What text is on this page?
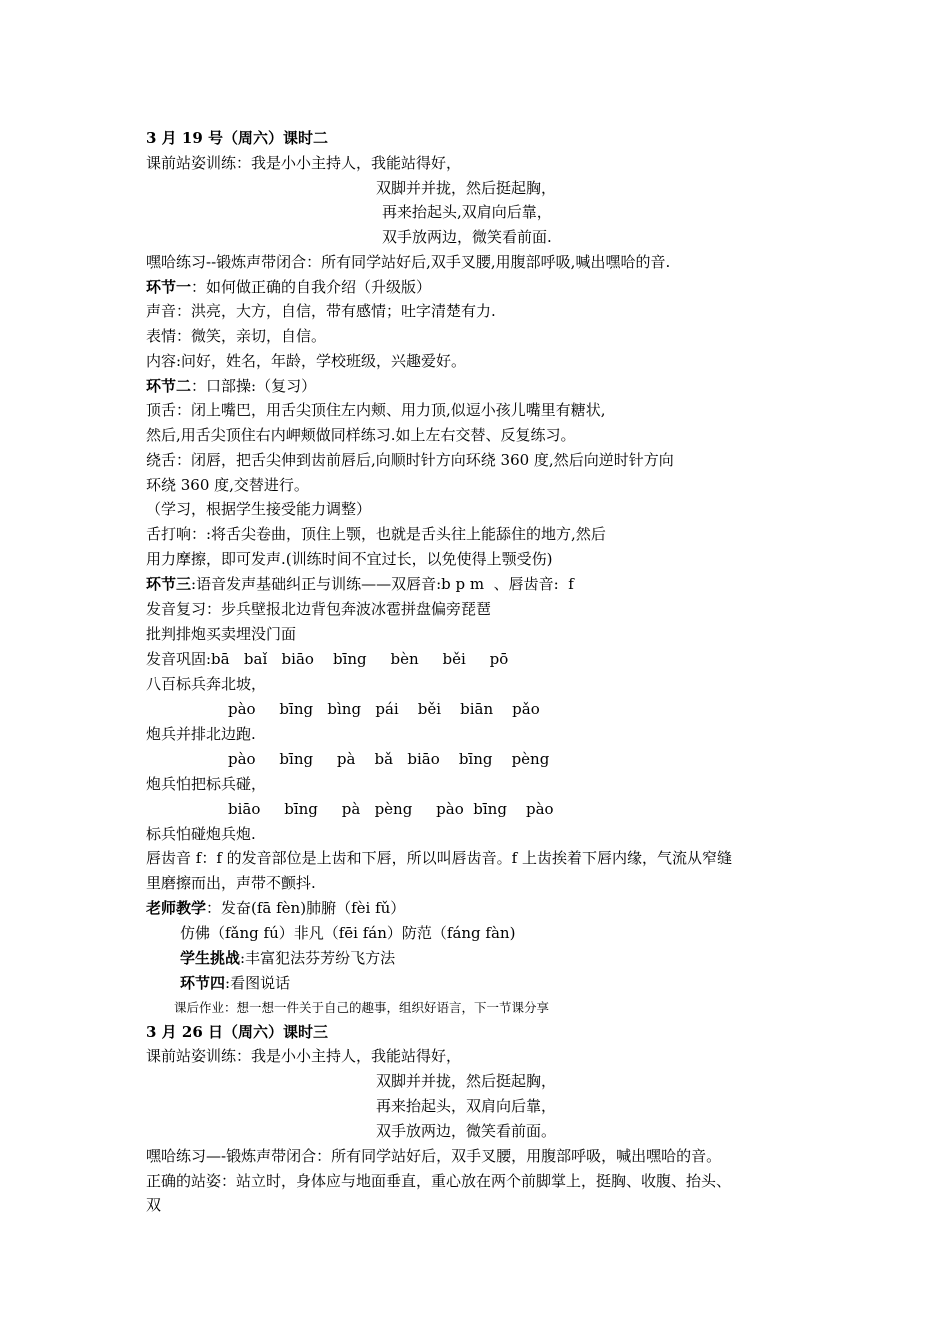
3 月 19 号（周六）课时二
课前站姿训练：我是小小主持人，我能站得好，
双脚并并拢，然后挺起胸，
再来抬起头,双肩向后靠，
双手放两边，微笑看前面.
嘿哈练习--锻炼声带闭合：所有同学站好后,双手叉腰,用腹部呼吸,喊出嘿哈的音.
环节一：如何做正确的自我介绍（升级版）
声音：洪亮，大方，自信，带有感情；吐字清楚有力.
表情：微笑，亲切，自信。
内容:问好，姓名，年龄，学校班级，兴趣爱好。
环节二：口部操:（复习）
顶舌：闭上嘴巴，用舌尖顶住左内颊、用力顶,似逗小孩儿嘴里有糖状,
然后,用舌尖顶住右内岬颊做同样练习.如上左右交替、反复练习。
绕舌：闭唇，把舌尖伸到齿前唇后,向顺时针方向环绕 360 度,然后向逆时针方向
环绕 360 度,交替进行。
（学习，根据学生接受能力调整）
舌打响：:将舌尖卷曲，顶住上颚，也就是舌头往上能舔住的地方,然后
用力摩擦，即可发声.(训练时间不宜过长，以免使得上颚受伤)
环节三:语音发声基础纠正与训练——双唇音:b p m  、唇齿音:  f
发音复习：步兵壁报北边背包奔波冰雹拼盘偏旁琵琶
批判排炮买卖埋没门面
发音巩固:bā   baǐ   biāo    bīng     bèn     běi     pō
八百标兵奔北坡，
pào     bīng   bìng   pái    běi    biān    pǎo
炮兵并排北边跑.
pào     bīng     pà    bǎ   biāo    bīng    pèng
炮兵怕把标兵碰，
biāo     bīng     pà   pèng     pào  bīng    pào
标兵怕碰炮兵炮.
唇齿音 f：f 的发音部位是上齿和下唇，所以叫唇齿音。f 上齿挨着下唇内缘，气流从窄缝
里磨擦而出，声带不颤抖.
老师教学：发奋(fā fèn)肺腑（fèi fǔ）
仿佛（fǎng fú）非凡（fēi fán）防范（fáng fàn)
学生挑战:丰富犯法芬芳纷飞方法
环节四:看图说话
课后作业：想一想一件关于自己的趣事，组织好语言，下一节课分享
3 月 26 日（周六）课时三
课前站姿训练：我是小小主持人，我能站得好，
双脚并并拢，然后挺起胸，
再来抬起头，双肩向后靠，
双手放两边，微笑看前面。
嘿哈练习—-锻炼声带闭合：所有同学站好后，双手叉腰，用腹部呼吸，喊出嘿哈的音。
正确的站姿：站立时，身体应与地面垂直，重心放在两个前脚掌上，挺胸、收腹、抬头、
双
